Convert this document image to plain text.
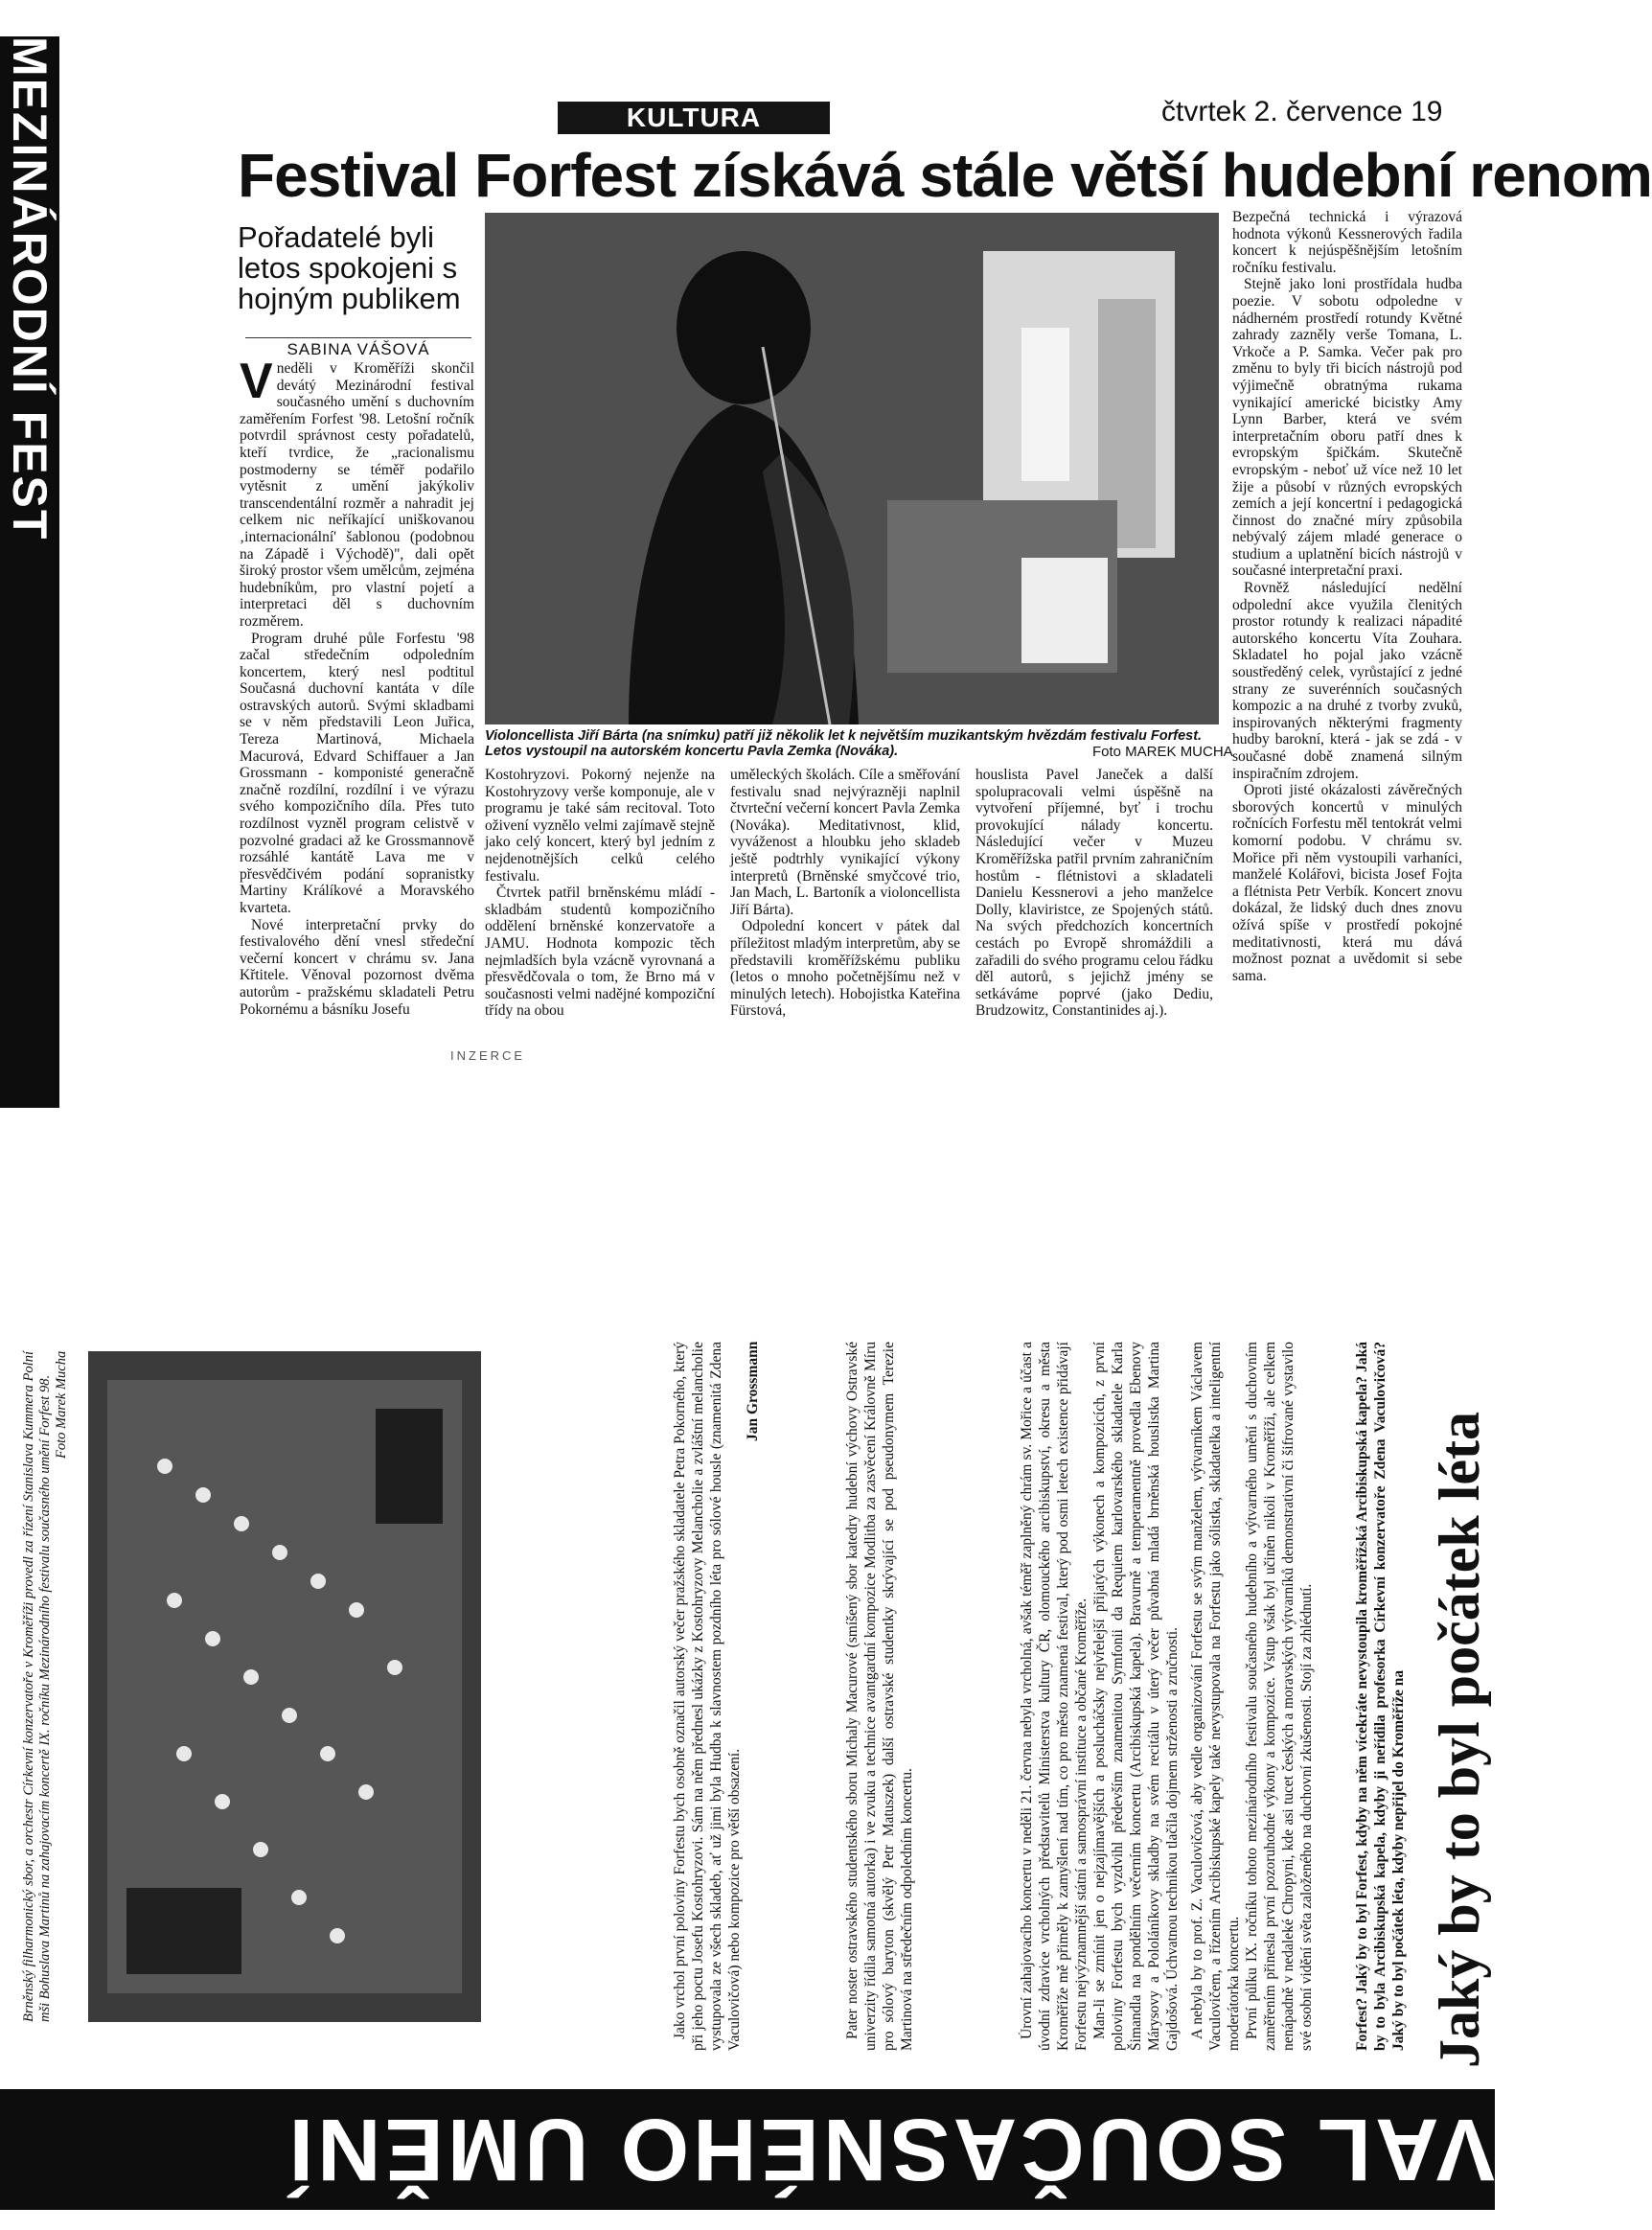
MEZINÁRODNÍ FEST	KULTURA	čtvrtek 2. července 19
Festival Forfest získává stále větší hudební renom
Pořadatelé byli letos spokojeni s hojným publikem
SABINA VÁŠOVÁ

Vneděli v Kroměříži skončil devátý Mezinárodní festival současného umění s duchovním zaměřením Forfest '98. Letošní ročník potvrdil správnost cesty pořadatelů, kteří tvrdice, že „racionalismu postmoderny se téměř podařilo vytěsnit z umění jakýkoliv transcendentální rozměr a nahradit jej celkem nic neříkající uniškovanou ‚internacionální' šablonou (podobnou na Západě i Východě)", dali opět široký prostor všem umělcům, zejména hudebníkům, pro vlastní pojetí a interpretaci děl s duchovním rozměrem.

Program druhé půle Forfestu '98 začal středečním odpoledním koncertem, který nesl podtitul Současná duchovní kantáta v díle ostravských autorů. Svými skladbami se v něm představili Leon Juřica, Tereza Martinová, Michaela Macurová, Edvard Schiffauer a Jan Grossmann - komponisté generačně značně rozdílní, rozdílní i ve výrazu svého kompozičního díla. Přes tuto rozdílnost vyzněl program celistvě v pozvolné gradaci až ke Grossmannově rozsáhlé kantátě Lava me v přesvědčivém podání sopranistky Martiny Králíkové a Moravského kvarteta.

Nové interpretační prvky do festivalového dění vnesl středeční večerní koncert v chrámu sv. Jana Křtitele. Věnoval pozornost dvěma autorům - pražskému skladateli Petru Pokornému a básníku Josefu

Violoncellista Jiří Bárta (na snímku) patří již několik let k největším muzikantským hvězdám festivalu Forfest. Letos vystoupil na autorském koncertu Pavla Zemka (Nováka).	Foto MAREK MUCHA

Kostohryzovi. Pokorný nejenže na Kostohryzovy verše komponuje, ale v programu je také sám recitoval. Toto oživení vyznělo velmi zajímavě stejně jako celý koncert, který byl jedním z nejdenotnějších celků celého festivalu.

Čtvrtek patřil brněnskému mládí - skladbám studentů kompozičního oddělení brněnské konzervatoře a JAMU. Hodnota kompozic těch nejmladších byla vzácně vyrovnaná a přesvědčovala o tom, že Brno má v současnosti velmi nadějné kompoziční třídy na obou

uměleckých školách. Cíle a směřování festivalu snad nejvýrazněji naplnil čtvrteční večerní koncert Pavla Zemka (Nováka). Meditativnost, klid, vyváženost a hloubku jeho skladeb ještě podtrhly vynikající výkony interpretů (Brněnské smyčcové trio, Jan Mach, L. Bartoník a violoncellista Jiří Bárta).

Odpolední koncert v pátek dal příležitost mladým interpretům, aby se představili kroměřížskému publiku (letos o mnoho početnějšímu než v minulých letech). Hobojistka Kateřina Fürstová,

houslista Pavel Janeček a další spolupracovali velmi úspěšně na vytvoření příjemné, byť i trochu provokující nálady koncertu. Následující večer v Muzeu Kroměřížska patřil prvním zahraničním hostům - flétnistovi a skladateli Danielu Kessnerovi a jeho manželce Dolly, klaviristce, ze Spojených států. Na svých předchozích koncertních cestách po Evropě shromáždili a zařadili do svého programu celou řádku děl autorů, s jejichž jmény se setkáváme poprvé (jako Dediu, Brudzowitz, Constantinides aj.).

Bezpečná technická i výrazová hodnota výkonů Kessnerových řadila koncert k nejúspěšnějším letošním ročníku festivalu.

Stejně jako loni prostřídala hudba poezie. V sobotu odpoledne v nádherném prostředí rotundy Květné zahrady zazněly verše Tomana, L. Vrkoče a P. Samka. Večer pak pro změnu to byly tři bicích nástrojů pod výjimečně obratnýma rukama vynikající americké bicistky Amy Lynn Barber, která ve svém interpretačním oboru patří dnes k evropským špičkám. Skutečně evropským - neboť už více než 10 let žije a působí v různých evropských zemích a její koncertní i pedagogická činnost do značné míry způsobila nebývalý zájem mladé generace o studium a uplatnění bicích nástrojů v současné interpretační praxi.

Rovněž následující nedělní odpolední akce využila členitých prostor rotundy k realizaci nápadité autorského koncertu Víta Zouhara. Skladatel ho pojal jako vzácně soustředěný celek, vyrůstající z jedné strany ze suverénních současných kompozic a na druhé z tvorby zvuků, inspirovaných některými fragmenty hudby barokní, která - jak se zdá - v současné době znamená silným inspiračním zdrojem.

Oproti jisté okázalosti závěrečných sborových koncertů v minulých ročnících Forfestu měl tentokrát velmi komorní podobu. V chrámu sv. Mořice při něm vystoupili varhaníci, manželé Kolářovi, bicista Josef Fojta a flétnista Petr Verbík. Koncert znovu dokázal, že lidský duch dnes znovu ožívá spíše v prostředí pokojné meditativnosti, která mu dává možnost poznat a uvědomit si sebe sama.

INZERCE
Jaký by to byl počátek léta

Forfest? Jaký by to byl Forfest, kdyby na něm vícekráte nevystoupila kroměřížská Arcibiskupská kapela? Jaká by to byla Arcibiskupská kapela, kdyby ji neřídila profesorka Církevní konzervatoře Zdena Vaculovičová? Jaký by to byl počátek léta, kdyby nepřijel do Kroměříže na

A nebyla by to prof. Z. Vaculovičová, aby vedle organizování Forfestu se svým manželem, výtvarníkem Václavem Vaculovičem, a řízením Arcibiskupské kapely také nevystupovala na Forfestu jako sólistka, skladatelka a inteligentní moderátorka koncertu. První půlku IX. ročníku tohoto mezinárodního festivalu současného hudebního a výtvarného umění s duchovním zaměřením přinesla první pozoruhodné výkony a kompozice. Vstup však byl učiněn nikoli v Kroměříži, ale celkem nenápadně v nedaleké Chropyni, kde asi tucet českých a moravských výtvarníků demonstrativní či šifrované vystavilo své osobní vidění světa založeného na duchovní zkušenosti. Stojí za zhlédnutí.

Úrovní zahajovacího koncertu v neděli 21. června nebyla vrcholná, avšak téměř zaplněný chrám sv. Mořice a účast a úvodní zdravice vrcholných představitelů Ministerstva kultury ČR, olomouckého arcibiskupství, okresu a města Kroměříže mě přiměly k zamyšlení nad tím, co pro město znamená festival, který pod osmi letech existence přidávají Forfestu nejvýznamnější státní a samosprávní instituce a občané Kroměříže. Man-li se zmínit jen o nejzajímavějších a poslucháčsky nejvřelejší přijatých výkonech a kompozicích, z první poloviny Forfestu bych vyzdvihl především znamenitou Symfonii da Requiem karlovarského skladatele Karla Šimandla na pondělním večerním koncertu (Arcibiskupská kapela). Bravurně a temperamentně provedla Ebenovy Márysovy a Pololáníkovy skladby na svém recitálu v úterý večer půvabná mladá brněnská houslistka Martina Gajdošová. Úchvatnou technikou tlačila dojmem strženosti a zručnosti.

Pater noster ostravského studentského sboru Michaly Macurové (smíšený sbor katedry hudební výchovy Ostravské univerzity řídila samotná autorka) i ve zvuku a technice avantgardní kompozice Modlitba za zasvěcení Královně Míru pro sólový baryton (skvělý Petr Matuszek) další ostravské studentky skrývající se pod pseudonymem Terezie Martinová na středečním odpoledním koncertu.

Jako vrchol první poloviny Forfestu bych osobně označil autorský večer pražského skladatele Petra Pokorného, který při jeho poctu Josefu Kostohryzovi. Sám na něm přednesl ukázky z Kostohryzovy Melancholie a zvláštní melancholie vystupovala ze všech skladeb, ať už jimi byla Hudba k slavnostem pozdního léta pro sólové housle (znamenitá Zdena Vaculovičová) nebo kompozice pro větší obsazení.

Jan Grossmann

Brněnský filharmonický sbor, a orchestr Církevní konzervatoře v Kroměříži provedl za řízení Stanislava Kummera Polní mši Bohuslava Martinů na zahajovacím koncertě IX. ročníku Mezinárodního festivalu současného umění Forfest 98. Foto Marek Mucha

VAL SOUČASNÉHO UMĚNÍ
